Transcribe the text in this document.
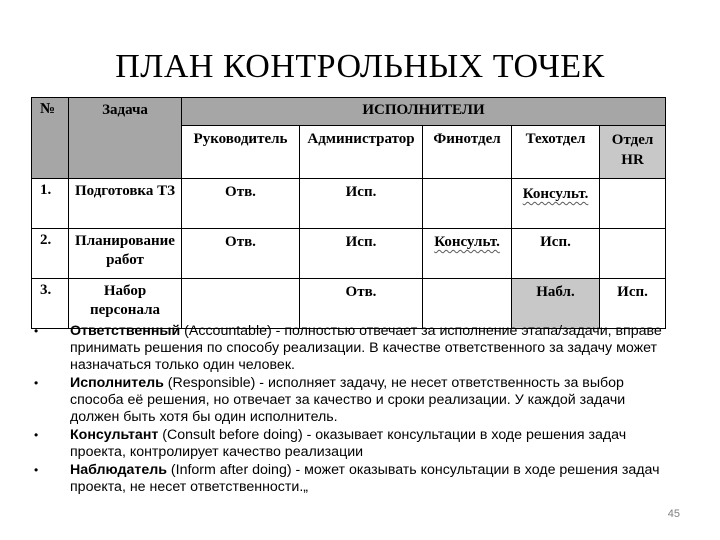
ПЛАН КОНТРОЛЬНЫХ ТОЧЕК
№	Задача	ИСПОЛНИТЕЛИ				
		Руководитель	Администратор	Финотдел	Техотдел	Отдел HR
1.	Подготовка ТЗ	Отв.	Исп.		Консульт.	
2.	Планирование работ	Отв.	Исп.	Консульт.	Исп.	
3.	Набор персонала		Отв.		Набл.	Исп.
• Ответственный (Accountable) - полностью отвечает за исполнение этапа/задачи, вправе принимать решения по способу реализации. В качестве ответственного за задачу может назначаться только один человек.
• Исполнитель (Responsible) - исполняет задачу, не несет ответственность за выбор способа её решения, но отвечает за качество и сроки реализации. У каждой задачи должен быть хотя бы один исполнитель.
• Консультант (Consult before doing) - оказывает консультации в ходе решения задач проекта, контролирует качество реализации
• Наблюдатель (Inform after doing) - может оказывать консультации в ходе решения задач проекта, не несет ответственности.„
45
